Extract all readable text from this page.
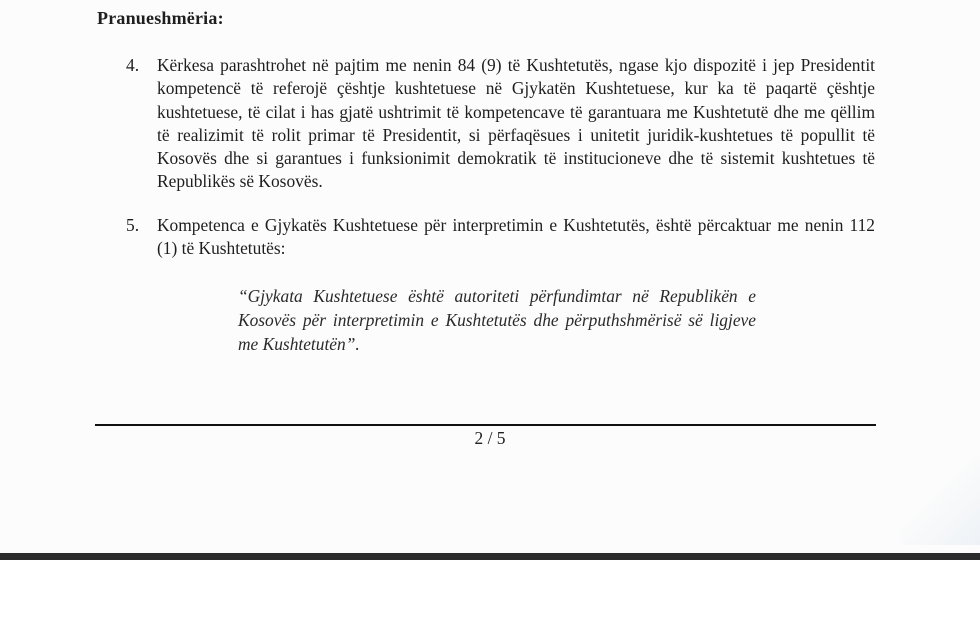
Pranueshmëria:
4. Kërkesa parashtrohet në pajtim me nenin 84 (9) të Kushtetutës, ngase kjo dispozitë i jep Presidentit kompetencë të referojë çështje kushtetuese në Gjykatën Kushtetuese, kur ka të paqartë çështje kushtetuese, të cilat i has gjatë ushtrimit të kompetencave të garantuara me Kushtetutë dhe me qëllim të realizimit të rolit primar të Presidentit, si përfaqësues i unitetit juridik-kushtetues të popullit të Kosovës dhe si garantues i funksionimit demokratik të institucioneve dhe të sistemit kushtetues të Republikës së Kosovës.
5. Kompetenca e Gjykatës Kushtetuese për interpretimin e Kushtetutës, është përcaktuar me nenin 112 (1) të Kushtetutës:
“Gjykata Kushtetuese është autoriteti përfundimtar në Republikën e Kosovës për interpretimin e Kushtetutës dhe përputhshmërisë së ligjeve me Kushtetutën”.
2 / 5
